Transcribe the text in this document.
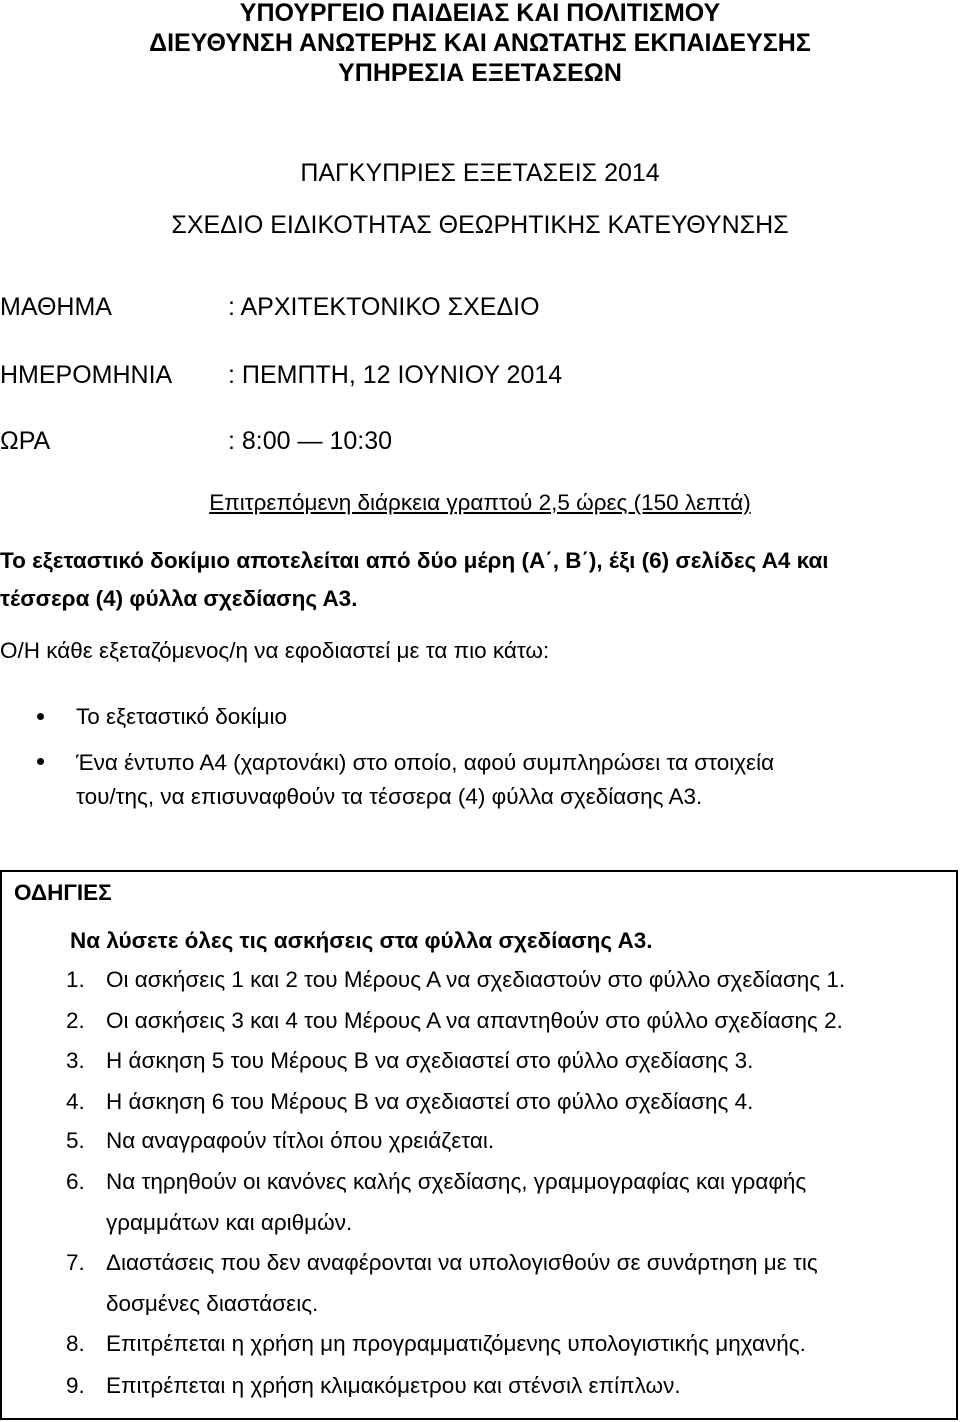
ΥΠΟΥΡΓΕΙΟ ΠΑΙΔΕΙΑΣ ΚΑΙ ΠΟΛΙΤΙΣΜΟΥ
ΔΙΕΥΘΥΝΣΗ ΑΝΩΤΕΡΗΣ ΚΑΙ ΑΝΩΤΑΤΗΣ ΕΚΠΑΙΔΕΥΣΗΣ
ΥΠΗΡΕΣΙΑ ΕΞΕΤΑΣΕΩΝ
ΠΑΓΚΥΠΡΙΕΣ ΕΞΕΤΑΣΕΙΣ 2014
ΣΧΕΔΙΟ ΕΙΔΙΚΟΤΗΤΑΣ ΘΕΩΡΗΤΙΚΗΣ ΚΑΤΕΥΘΥΝΣΗΣ
ΜΑΘΗΜΑ	: ΑΡΧΙΤΕΚΤΟΝΙΚΟ ΣΧΕΔΙΟ
ΗΜΕΡΟΜΗΝΙΑ : ΠΕΜΠΤΗ, 12 ΙΟΥΝΙΟΥ 2014
ΩΡΑ	: 8:00 — 10:30
Επιτρεπόμενη διάρκεια γραπτού 2,5 ώρες (150 λεπτά)
Το εξεταστικό δοκίμιο αποτελείται από δύο μέρη (Α΄, Β΄), έξι (6) σελίδες Α4 και
τέσσερα (4) φύλλα σχεδίασης Α3.
Ο/Η κάθε εξεταζόμενος/η να εφοδιαστεί με τα πιο κάτω:
Το εξεταστικό δοκίμιο
Ένα έντυπο Α4 (χαρτονάκι) στο οποίο, αφού συμπληρώσει τα στοιχεία
του/της, να επισυναφθούν τα τέσσερα (4) φύλλα σχεδίασης Α3.
ΟΔΗΓΙΕΣ
Να λύσετε όλες τις ασκήσεις στα φύλλα σχεδίασης Α3.
1. Οι ασκήσεις 1 και 2 του Μέρους Α να σχεδιαστούν στο φύλλο σχεδίασης 1.
2. Οι ασκήσεις 3 και 4 του Μέρους Α να απαντηθούν στο φύλλο σχεδίασης 2.
3. Η άσκηση 5 του Μέρους Β να σχεδιαστεί στο φύλλο σχεδίασης 3.
4. Η άσκηση 6 του Μέρους Β να σχεδιαστεί στο φύλλο σχεδίασης 4.
5. Να αναγραφούν τίτλοι όπου χρειάζεται.
6. Να τηρηθούν οι κανόνες καλής σχεδίασης, γραμμογραφίας και γραφής
γραμμάτων και αριθμών.
7. Διαστάσεις που δεν αναφέρονται να υπολογισθούν σε συνάρτηση με τις
δοσμένες διαστάσεις.
8. Επιτρέπεται η χρήση μη προγραμματιζόμενης υπολογιστικής μηχανής.
9. Επιτρέπεται η χρήση κλιμακόμετρου και στένσιλ επίπλων.
